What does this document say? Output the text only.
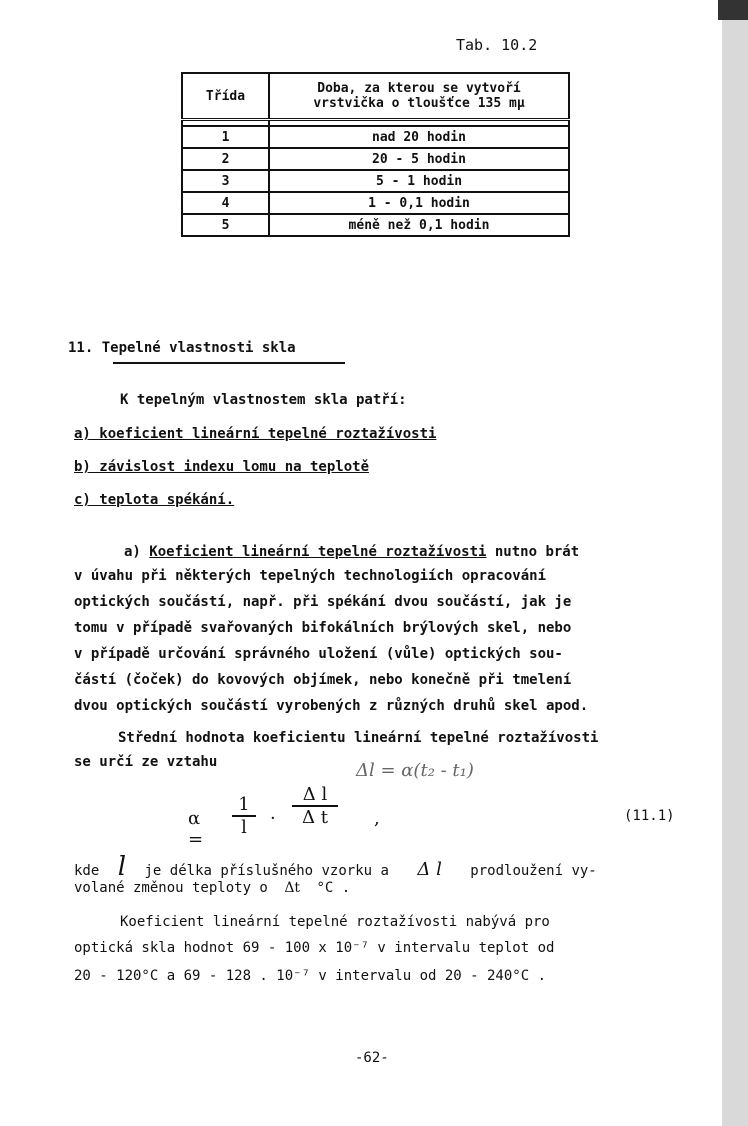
Tab. 10.2
Třída	Doba, za kterou se vytvoří
vrstvička o tloušťce 135 mμ

1	nad 20 hodin
2	20 - 5 hodin
3	5 - 1 hodin
4	1 - 0,1 hodin
5	méně než 0,1 hodin
11. Tepelné vlastnosti skla
K tepelným vlastnostem skla patří:
a) koeficient lineární tepelné roztažívosti
b) závislost indexu lomu na teplotě
c) teplota spékání.
a) Koeficient lineární tepelné roztažívosti nutno brát
v úvahu při některých tepelných technologiích opracování
optických součástí, např. při spékání dvou součástí, jak je
tomu v případě svařovaných bifokálních brýlových skel, nebo
v případě určování správného uložení (vůle) optických sou-
částí (čoček) do kovových objímek, nebo konečně při tmelení
dvou optických součástí vyrobených z různých druhů skel apod.
Střední hodnota koeficientu lineární tepelné roztažívosti
se určí ze vztahu	Δl = α(t₂ - t₁)
α =
$\frac{1}{l} \cdot \frac{\text{Δ l}}{\text{Δ t}}$ ,	(11.1)
kde l je délka příslušného vzorku a Δ l prodloužení vy-
volané změnou teploty o Δt °C .
Koeficient lineární tepelné roztažívosti nabývá pro
optická skla hodnot 69 - 100 x 10⁻⁷ v intervalu teplot od
20 - 120°C a 69 - 128 . 10⁻⁷ v intervalu od 20 - 240°C .
-62-
